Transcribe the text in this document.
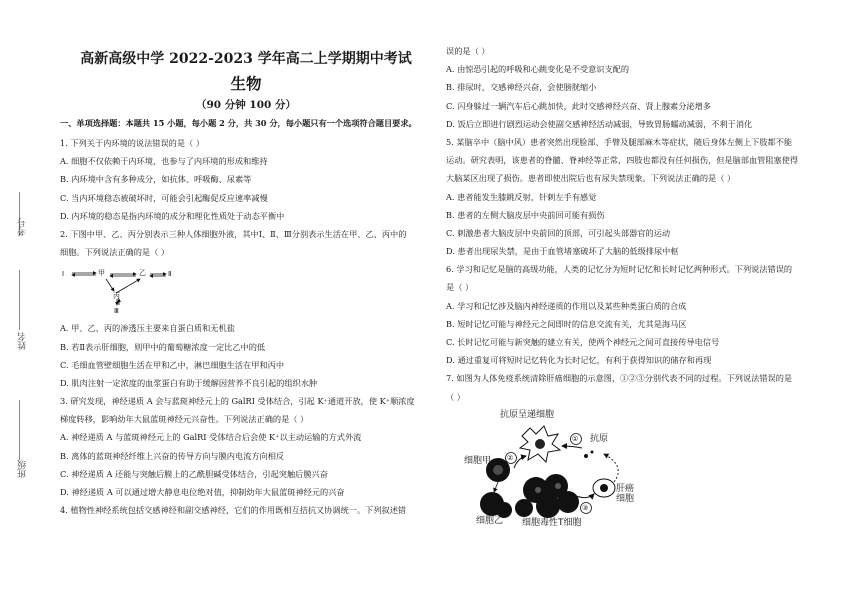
考号
姓名
班级
高新高级中学 2022-2023 学年高二上学期期中考试
生物
（90 分钟 100 分）
一、单项选择题：本题共 15 小题，每小题 2 分，共 30 分，每小题只有一个选项符合题目要求。
1. 下列关于内环境的说法错误的是（ ）
A. 细胞不仅依赖于内环境，也参与了内环境的形成和维持
B. 内环境中含有多种成分，如抗体、呼吸酶、尿素等
C. 当内环境稳态被破坏时，可能会引起酶促反应速率减慢
D. 内环境的稳态是指内环境的成分和理化性质处于动态平衡中
2. 下图中甲、乙、丙分别表示三种人体细胞外液，其中Ⅰ、Ⅱ、Ⅲ分别表示生活在甲、乙、丙中的
细胞。下列说法正确的是（ ）
Ⅰ	甲	乙	Ⅱ
丙
Ⅲ
A. 甲、乙、丙的渗透压主要来自蛋白质和无机盐
B. 若Ⅱ表示肝细胞，则甲中的葡萄糖浓度一定比乙中的低
C. 毛细血管壁细胞生活在甲和乙中，淋巴细胞生活在甲和丙中
D. 肌肉注射一定浓度的血浆蛋白有助于缓解因营养不良引起的组织水肿
3. 研究发现，神经递质 A 会与蓝斑神经元上的 GalRI 受体结合，引起 K⁺通道开放，使 K⁺顺浓度
梯度转移，影响幼年大鼠蓝斑神经元兴奋性。下列说法正确的是（ ）
A. 神经递质 A 与蓝斑神经元上的 GalRI 受体结合后会使 K⁺以主动运输的方式外流
B. 离体的蓝斑神经纤维上兴奋的传导方向与膜内电流方向相反
C. 神经递质 A 还能与突触后膜上的乙酰胆碱受体结合，引起突触后膜兴奋
D. 神经递质 A 可以通过增大静息电位绝对值，抑制幼年大鼠蓝斑神经元的兴奋
4. 植物性神经系统包括交感神经和副交感神经，它们的作用既相互拮抗又协调统一。下列叙述错
误的是（ ）
A. 由惊恐引起的呼吸和心跳变化是不受意识支配的
B. 排尿时，交感神经兴奋，会使膀胱缩小
C. 闪身躲过一辆汽车后心跳加快，此时交感神经兴奋、肾上腺素分泌增多
D. 饭后立即进行剧烈运动会使副交感神经活动减弱，导致胃肠蠕动减弱，不利于消化
5. 某脑卒中（脑中风）患者突然出现脸部、手臂及腿部麻木等症状，随后身体左侧上下肢都不能
运动。研究表明，该患者的脊髓、脊神经等正常，四肢也都没有任何损伤，但是脑部血管阻塞使得
大脑某区出现了损伤。患者即使出院后也有尿失禁现象。下列说法正确的是（ ）
A. 患者能发生膝跳反射，针刺左手有感觉
B. 患者的左侧大脑皮层中央前回可能有损伤
C. 刺激患者大脑皮层中央前回的顶部，可引起头部器官的运动
D. 患者出现尿失禁，是由于血管堵塞破坏了大脑的低级排尿中枢
6. 学习和记忆是脑的高级功能，人类的记忆分为短时记忆和长时记忆两种形式。下列说法错误的
是（ ）
A. 学习和记忆涉及脑内神经递质的作用以及某些种类蛋白质的合成
B. 短时记忆可能与神经元之间即时的信息交流有关，尤其是海马区
C. 长时记忆可能与新突触的建立有关，使两个神经元之间可直接传导电信号
D. 通过重复可将短时记忆转化为长时记忆，有利于获得知识的储存和再现
7. 如图为人体免疫系统清除肝癌细胞的示意图，①②③分别代表不同的过程。下列说法错误的是
（ ）
抗原呈递细胞
抗原
细胞甲
肝癌细胞
细胞乙 细胞毒性T细胞
①
②
③
